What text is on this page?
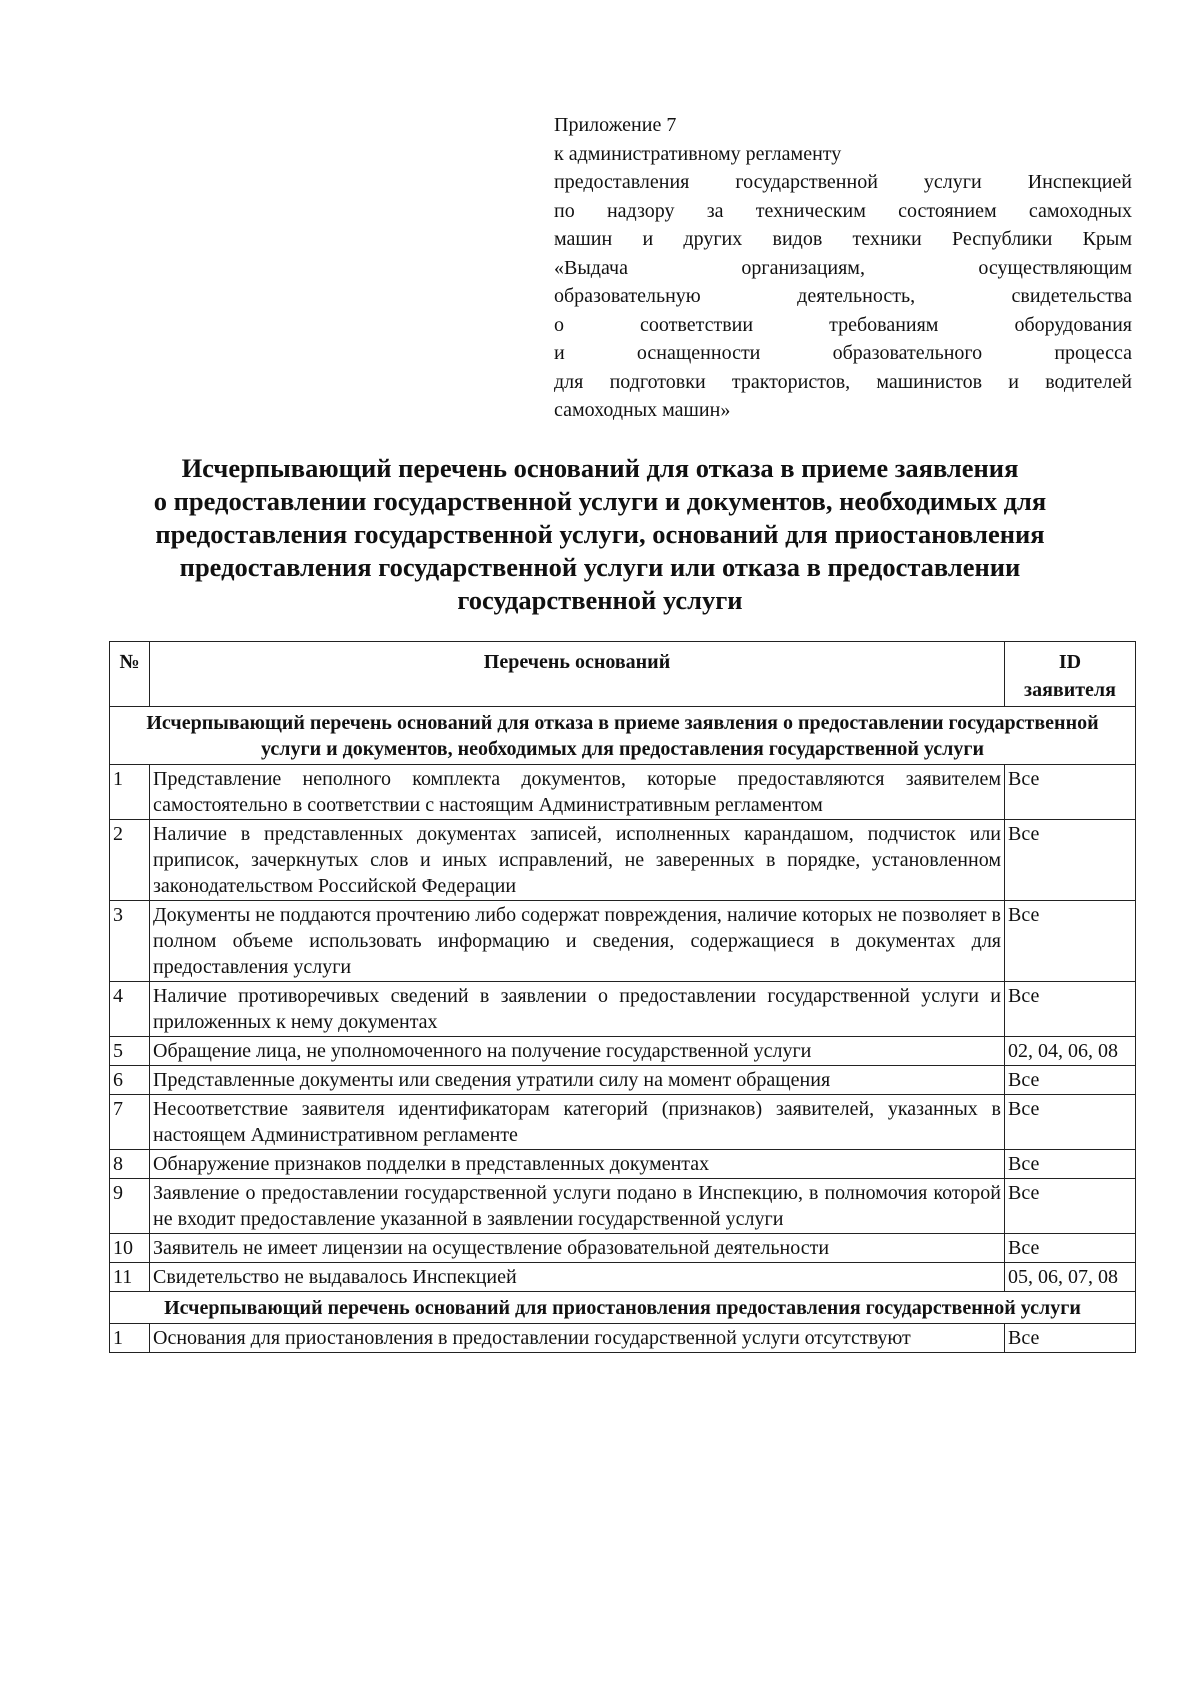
Приложение 7
к административному регламенту
предоставления государственной услуги Инспекцией
по надзору за техническим состоянием самоходных
машин и других видов техники Республики Крым
«Выдача организациям, осуществляющим
образовательную деятельность, свидетельства
о соответствии требованиям оборудования
и оснащенности образовательного процесса
для подготовки трактористов, машинистов и водителей
самоходных машин»
Исчерпывающий перечень оснований для отказа в приеме заявления
о предоставлении государственной услуги и документов, необходимых для
предоставления государственной услуги, оснований для приостановления
предоставления государственной услуги или отказа в предоставлении
государственной услуги
№	Перечень оснований	ID
заявителя

Исчерпывающий перечень оснований для отказа в приеме заявления о предоставлении государственной услуги и документов, необходимых для предоставления государственной услуги		
1	Представление неполного комплекта документов, которые предоставляются заявителем самостоятельно в соответствии с настоящим Административным регламентом	Все
2	Наличие в представленных документах записей, исполненных карандашом, подчисток или приписок, зачеркнутых слов и иных исправлений, не заверенных в порядке, установленном законодательством Российской Федерации	Все
3	Документы не поддаются прочтению либо содержат повреждения, наличие которых не позволяет в полном объеме использовать информацию и сведения, содержащиеся в документах для предоставления услуги	Все
4	Наличие противоречивых сведений в заявлении о предоставлении государственной услуги и приложенных к нему документах	Все
5	Обращение лица, не уполномоченного на получение государственной услуги	02, 04, 06, 08
6	Представленные документы или сведения утратили силу на момент обращения	Все
7	Несоответствие заявителя идентификаторам категорий (признаков) заявителей, указанных в настоящем Административном регламенте	Все
8	Обнаружение признаков подделки в представленных документах	Все
9	Заявление о предоставлении государственной услуги подано в Инспекцию, в полномочия которой не входит предоставление указанной в заявлении государственной услуги	Все
10	Заявитель не имеет лицензии на осуществление образовательной деятельности	Все
11	Свидетельство не выдавалось Инспекцией	05, 06, 07, 08
Исчерпывающий перечень оснований для приостановления предоставления государственной услуги		
1	Основания для приостановления в предоставлении государственной услуги отсутствуют	Все
